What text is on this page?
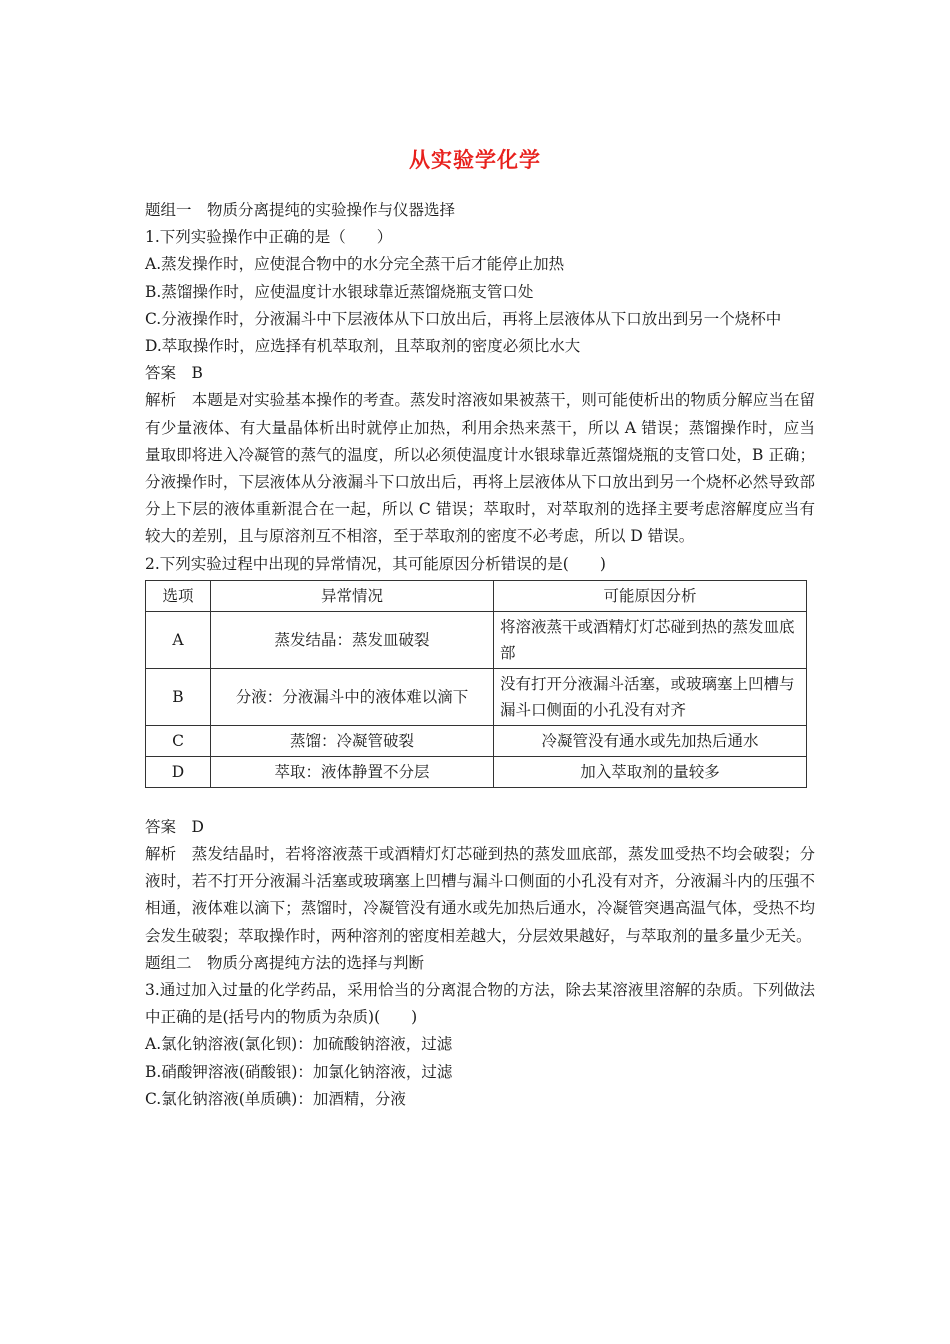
从实验学化学
题组一　物质分离提纯的实验操作与仪器选择
1.下列实验操作中正确的是（　　）
A.蒸发操作时，应使混合物中的水分完全蒸干后才能停止加热
B.蒸馏操作时，应使温度计水银球靠近蒸馏烧瓶支管口处
C.分液操作时，分液漏斗中下层液体从下口放出后，再将上层液体从下口放出到另一个烧杯中
D.萃取操作时，应选择有机萃取剂，且萃取剂的密度必须比水大
答案　B
解析　本题是对实验基本操作的考查。蒸发时溶液如果被蒸干，则可能使析出的物质分解应当在留有少量液体、有大量晶体析出时就停止加热，利用余热来蒸干，所以 A 错误；蒸馏操作时，应当量取即将进入冷凝管的蒸气的温度，所以必须使温度计水银球靠近蒸馏烧瓶的支管口处，B 正确；分液操作时，下层液体从分液漏斗下口放出后，再将上层液体从下口放出到另一个烧杯必然导致部分上下层的液体重新混合在一起，所以 C 错误；萃取时，对萃取剂的选择主要考虑溶解度应当有较大的差别，且与原溶剂互不相溶，至于萃取剂的密度不必考虑，所以 D 错误。
2.下列实验过程中出现的异常情况，其可能原因分析错误的是(　　)
选项	异常情况	可能原因分析
A	蒸发结晶：蒸发皿破裂	将溶液蒸干或酒精灯灯芯碰到热的蒸发皿底部
B	分液：分液漏斗中的液体难以滴下	没有打开分液漏斗活塞，或玻璃塞上凹槽与漏斗口侧面的小孔没有对齐
C	蒸馏：冷凝管破裂	冷凝管没有通水或先加热后通水
D	萃取：液体静置不分层	加入萃取剂的量较多
答案　D
解析　蒸发结晶时，若将溶液蒸干或酒精灯灯芯碰到热的蒸发皿底部，蒸发皿受热不均会破裂；分液时，若不打开分液漏斗活塞或玻璃塞上凹槽与漏斗口侧面的小孔没有对齐，分液漏斗内的压强不相通，液体难以滴下；蒸馏时，冷凝管没有通水或先加热后通水，冷凝管突遇高温气体，受热不均会发生破裂；萃取操作时，两种溶剂的密度相差越大，分层效果越好，与萃取剂的量多量少无关。
题组二　物质分离提纯方法的选择与判断
3.通过加入过量的化学药品，采用恰当的分离混合物的方法，除去某溶液里溶解的杂质。下列做法中正确的是(括号内的物质为杂质)(　　)
A.氯化钠溶液(氯化钡)：加硫酸钠溶液，过滤
B.硝酸钾溶液(硝酸银)：加氯化钠溶液，过滤
C.氯化钠溶液(单质碘)：加酒精，分液
